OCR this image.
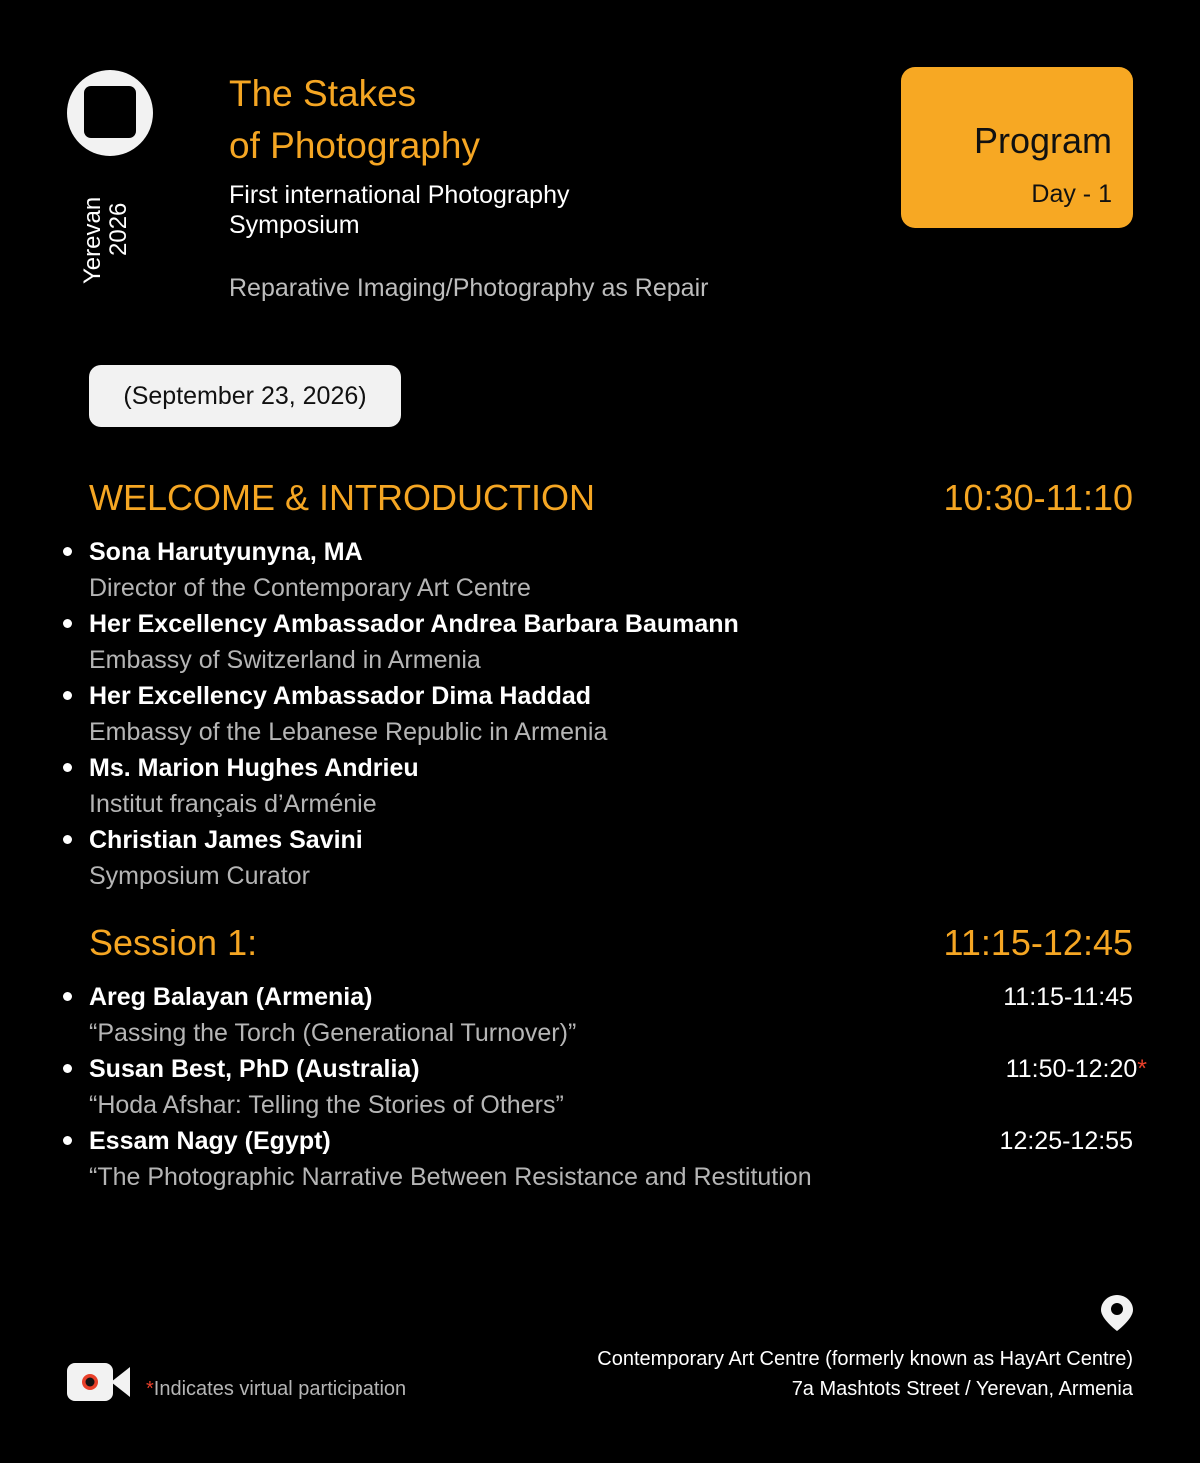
Yerevan 2026
The Stakes
of Photography
First international Photography Symposium
Reparative Imaging/Photography as Repair
Program
Day - 1
(September 23, 2026)
WELCOME & INTRODUCTION	10:30-11:10
Sona Harutyunyna, MA
Director of the Contemporary Art Centre
Her Excellency Ambassador Andrea Barbara Baumann
Embassy of Switzerland in Armenia
Her Excellency Ambassador Dima Haddad
Embassy of the Lebanese Republic in Armenia
Ms. Marion Hughes Andrieu
Institut français d’Arménie
Christian James Savini
Symposium Curator
Session 1:	11:15-12:45
Areg Balayan (Armenia)
“Passing the Torch (Generational Turnover)”
11:15-11:45
Susan Best, PhD (Australia)
“Hoda Afshar: Telling the Stories of Others”
11:50-12:20*
Essam Nagy (Egypt)
“The Photographic Narrative Between Resistance and Restitution
12:25-12:55
Contemporary Art Centre (formerly known as HayArt Centre)
7a Mashtots Street / Yerevan, Armenia
*Indicates virtual participation
